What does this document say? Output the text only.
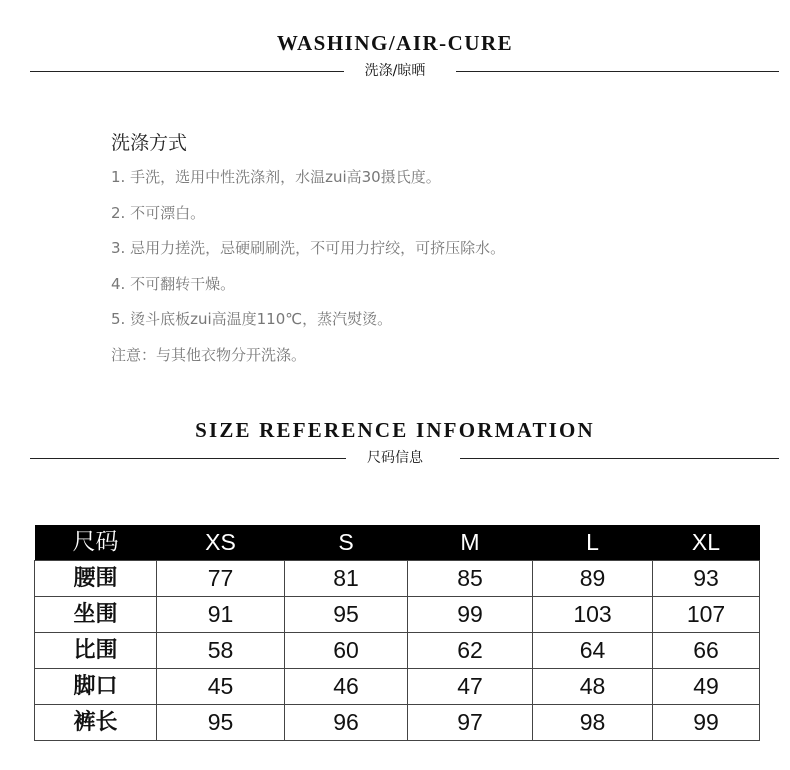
WASHING/AIR-CURE
洗涤/晾晒
洗涤方式
1. 手洗，选用中性洗涤剂，水温zui高30摄氏度。
2. 不可漂白。
3. 忌用力搓洗，忌硬刷刷洗，不可用力拧绞，可挤压除水。
4. 不可翻转干燥。
5. 烫斗底板zui高温度110℃，蒸汽熨烫。
注意：与其他衣物分开洗涤。
SIZE REFERENCE INFORMATION
尺码信息
尺码	XS	S	M	L	XL
腰围	77	81	85	89	93
坐围	91	95	99	103	107
比围	58	60	62	64	66
脚口	45	46	47	48	49
裤长	95	96	97	98	99
